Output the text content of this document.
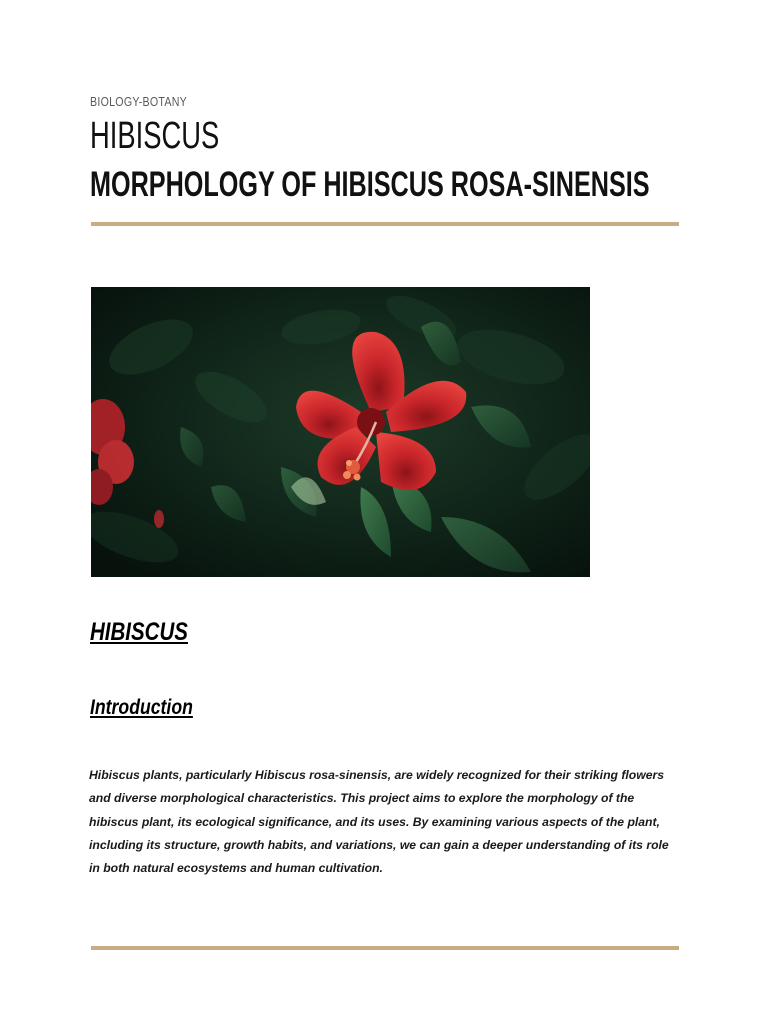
BIOLOGY-BOTANY
HIBISCUS
MORPHOLOGY OF HIBISCUS ROSA-SINENSIS
HIBISCUS
Introduction

Hibiscus plants, particularly Hibiscus rosa-sinensis, are widely recognized for their striking flowers and diverse morphological characteristics. This project aims to explore the morphology of the hibiscus plant, its ecological significance, and its uses. By examining various aspects of the plant, including its structure, growth habits, and variations, we can gain a deeper understanding of its role in both natural ecosystems and human cultivation.
